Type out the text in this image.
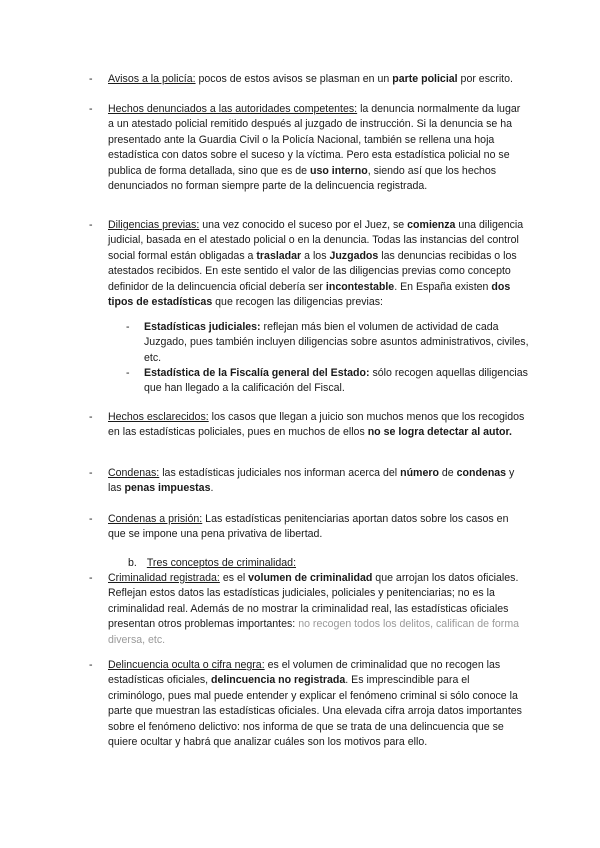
- Avisos a la policía: pocos de estos avisos se plasman en un parte policial por escrito.
- Hechos denunciados a las autoridades competentes: la denuncia normalmente da lugar a un atestado policial remitido después al juzgado de instrucción. Si la denuncia se ha presentado ante la Guardia Civil o la Policía Nacional, también se rellena una hoja estadística con datos sobre el suceso y la víctima. Pero esta estadística policial no se publica de forma detallada, sino que es de uso interno, siendo así que los hechos denunciados no forman siempre parte de la delincuencia registrada.
- Diligencias previas: una vez conocido el suceso por el Juez, se comienza una diligencia judicial, basada en el atestado policial o en la denuncia. Todas las instancias del control social formal están obligadas a trasladar a los Juzgados las denuncias recibidas o los atestados recibidos. En este sentido el valor de las diligencias previas como concepto definidor de la delincuencia oficial debería ser incontestable. En España existen dos tipos de estadísticas que recogen las diligencias previas:
- Estadísticas judiciales: reflejan más bien el volumen de actividad de cada Juzgado, pues también incluyen diligencias sobre asuntos administrativos, civiles, etc.
- Estadística de la Fiscalía general del Estado: sólo recogen aquellas diligencias que han llegado a la calificación del Fiscal.
- Hechos esclarecidos: los casos que llegan a juicio son muchos menos que los recogidos en las estadísticas policiales, pues en muchos de ellos no se logra detectar al autor.
- Condenas: las estadísticas judiciales nos informan acerca del número de condenas y las penas impuestas.
- Condenas a prisión: Las estadísticas penitenciarias aportan datos sobre los casos en que se impone una pena privativa de libertad.
b. Tres conceptos de criminalidad:
- Criminalidad registrada: es el volumen de criminalidad que arrojan los datos oficiales. Reflejan estos datos las estadísticas judiciales, policiales y penitenciarias; no es la criminalidad real. Además de no mostrar la criminalidad real, las estadísticas oficiales presentan otros problemas importantes: no recogen todos los delitos, califican de forma diversa, etc.
- Delincuencia oculta o cifra negra: es el volumen de criminalidad que no recogen las estadísticas oficiales, delincuencia no registrada. Es imprescindible para el criminólogo, pues mal puede entender y explicar el fenómeno criminal si sólo conoce la parte que muestran las estadísticas oficiales. Una elevada cifra arroja datos importantes sobre el fenómeno delictivo: nos informa de que se trata de una delincuencia que se quiere ocultar y habrá que analizar cuáles son los motivos para ello.
